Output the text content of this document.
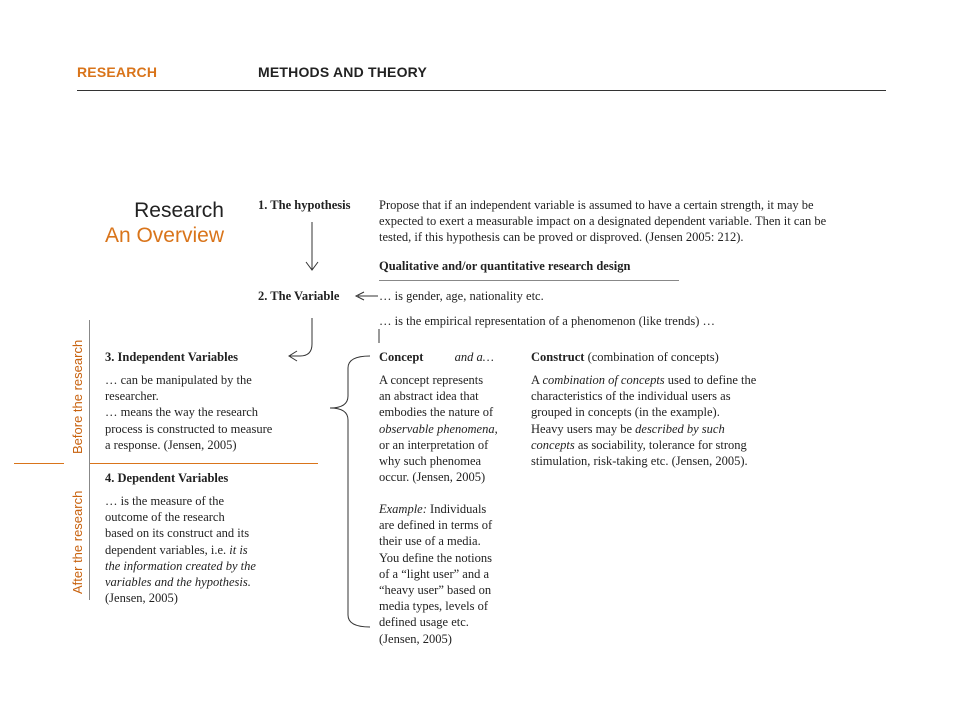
RESEARCH	METHODS AND THEORY
Research
An Overview
1. The hypothesis Propose that if an independent variable is assumed to have a certain strength, it may be
expected to exert a measurable impact on a designated dependent variable. Then it can be
tested, if this hypothesis can be proved or disproved. (Jensen 2005: 212).
Qualitative and/or quantitative research design
2. The Variable	… is gender, age, nationality etc.
… is the empirical representation of a phenomenon (like trends) …
3. Independent Variables
… can be manipulated by the
researcher.
… means the way the research
process is constructed to measure
a response. (Jensen, 2005)
4. Dependent Variables
… is the measure of the
outcome of the research
based on its construct and its
dependent variables, i.e. it is
the information created by the
variables and the hypothesis.
(Jensen, 2005)
Concept and a…
A concept represents
an abstract idea that
embodies the nature of
observable phenomena,
or an interpretation of
why such phenomea
occur. (Jensen, 2005)
Example: Individuals
are defined in terms of
their use of a media.
You define the notions
of a “light user” and a
“heavy user” based on
media types, levels of
defined usage etc.
(Jensen, 2005)
Construct (combination of concepts)
A combination of concepts used to define the
characteristics of the individual users as
grouped in concepts (in the example).
Heavy users may be described by such
concepts as sociability, tolerance for strong
stimulation, risk-taking etc. (Jensen, 2005).
Before the research
After the research
